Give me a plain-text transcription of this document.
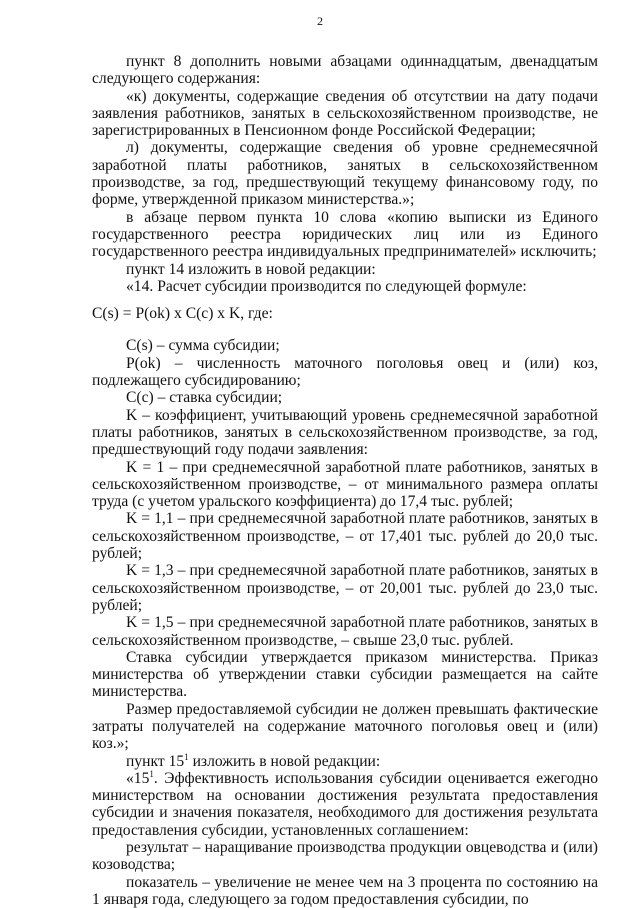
2

пункт 8 дополнить новыми абзацами одиннадцатым, двенадцатым следующего содержания:

«к) документы, содержащие сведения об отсутствии на дату подачи заявления работников, занятых в сельскохозяйственном производстве, не зарегистрированных в Пенсионном фонде Российской Федерации;

л) документы, содержащие сведения об уровне среднемесячной заработной платы работников, занятых в сельскохозяйственном производстве, за год, предшествующий текущему финансовому году, по форме, утвержденной приказом министерства.»;

в абзаце первом пункта 10 слова «копию выписки из Единого государственного реестра юридических лиц или из Единого государственного реестра индивидуальных предпринимателей» исключить;

пункт 14 изложить в новой редакции:

«14. Расчет субсидии производится по следующей формуле:

C(s) = P(ok) x C(c) x K, где:

C(s) – сумма субсидии;

P(ok) – численность маточного поголовья овец и (или) коз, подлежащего субсидированию;

C(c) – ставка субсидии;

K – коэффициент, учитывающий уровень среднемесячной заработной платы работников, занятых в сельскохозяйственном производстве, за год, предшествующий году подачи заявления:

K = 1 – при среднемесячной заработной плате работников, занятых в сельскохозяйственном производстве, – от минимального размера оплаты труда (с учетом уральского коэффициента) до 17,4 тыс. рублей;

K = 1,1 – при среднемесячной заработной плате работников, занятых в сельскохозяйственном производстве, – от 17,401 тыс. рублей до 20,0 тыс. рублей;

K = 1,3 – при среднемесячной заработной плате работников, занятых в сельскохозяйственном производстве, – от 20,001 тыс. рублей до 23,0 тыс. рублей;

K = 1,5 – при среднемесячной заработной плате работников, занятых в сельскохозяйственном производстве, – свыше 23,0 тыс. рублей.

Ставка субсидии утверждается приказом министерства. Приказ министерства об утверждении ставки субсидии размещается на сайте министерства.

Размер предоставляемой субсидии не должен превышать фактические затраты получателей на содержание маточного поголовья овец и (или) коз.»;

пункт $15^1$ изложить в новой редакции:

«$15^1$. Эффективность использования субсидии оценивается ежегодно министерством на основании достижения результата предоставления субсидии и значения показателя, необходимого для достижения результата предоставления субсидии, установленных соглашением:

результат – наращивание производства продукции овцеводства и (или) козоводства;

показатель – увеличение не менее чем на 3 процента по состоянию на 1 января года, следующего за годом предоставления субсидии, по
